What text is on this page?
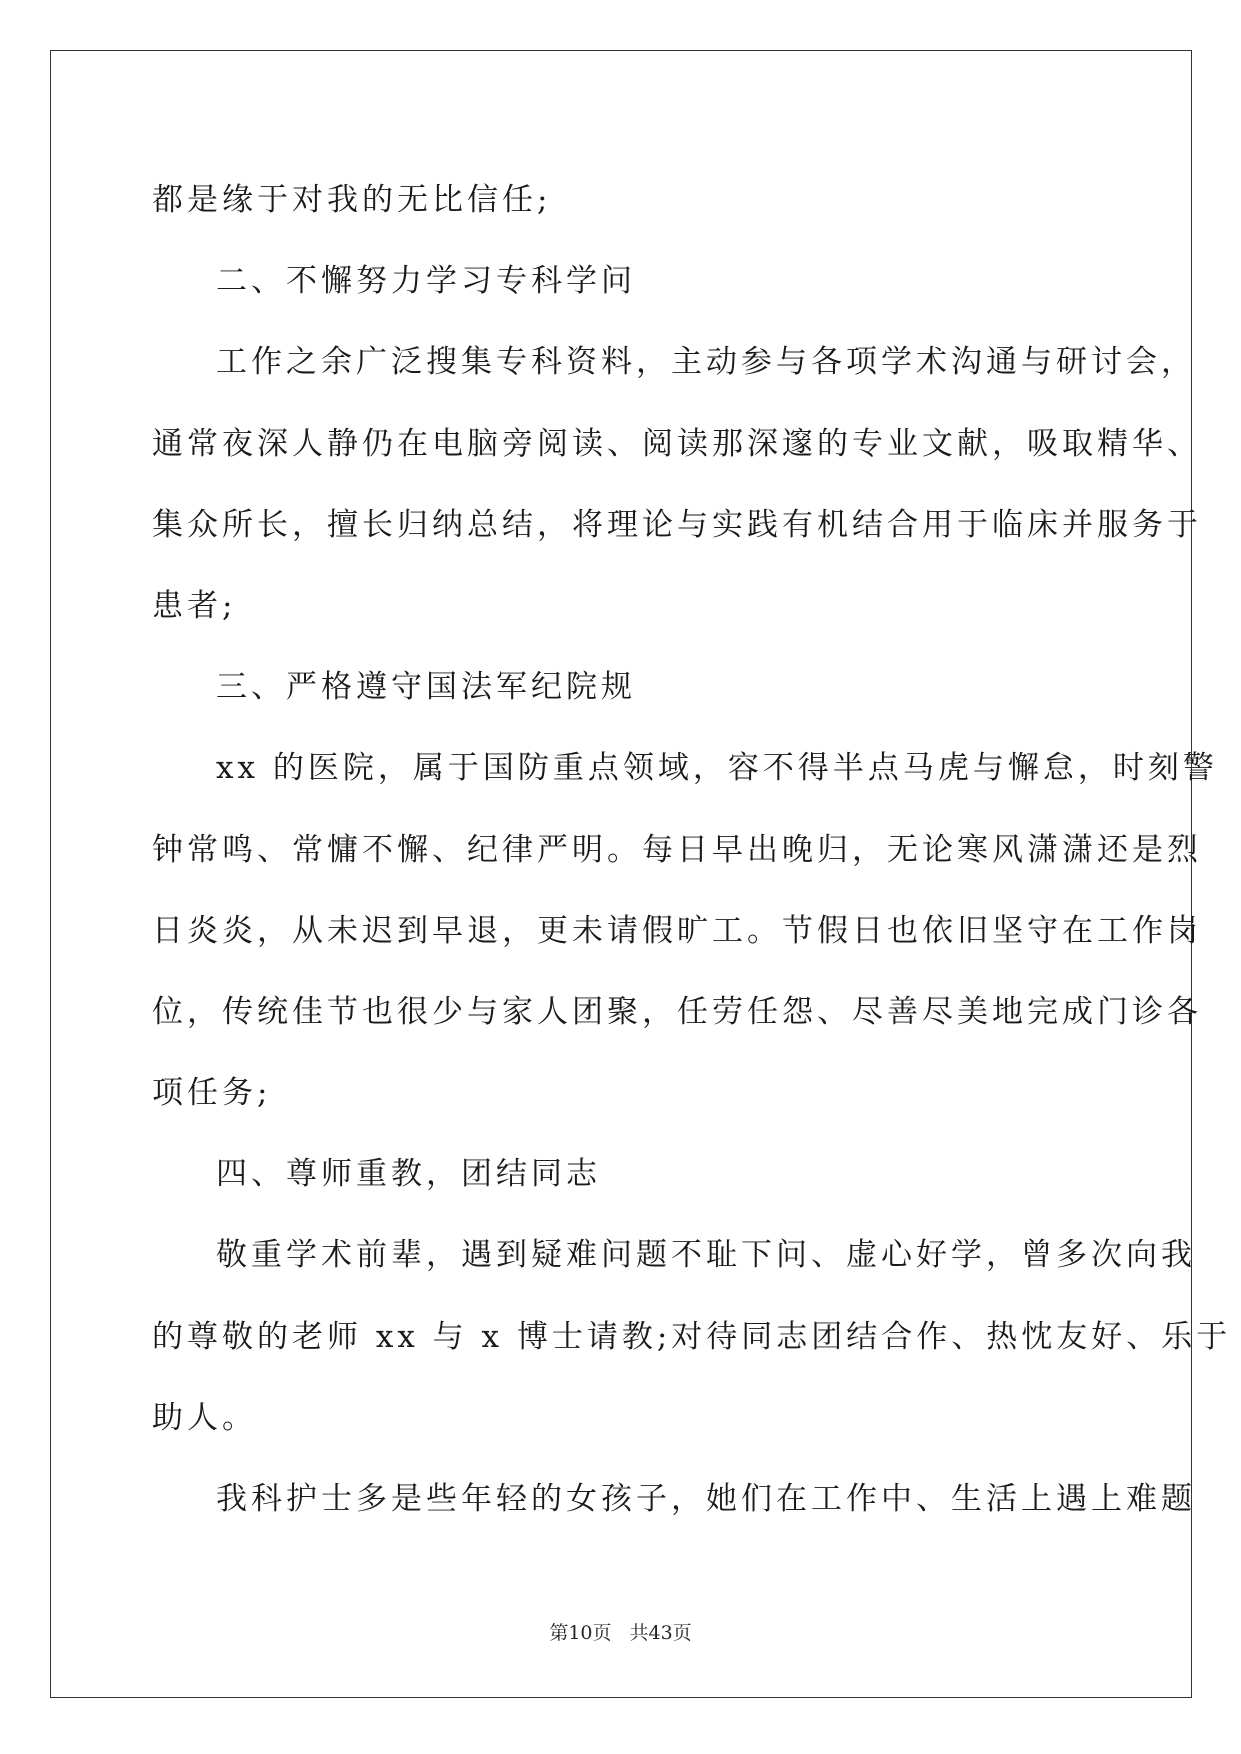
都是缘于对我的无比信任;
二、不懈努力学习专科学问
工作之余广泛搜集专科资料，主动参与各项学术沟通与研讨会，
通常夜深人静仍在电脑旁阅读、阅读那深邃的专业文献，吸取精华、
集众所长，擅长归纳总结，将理论与实践有机结合用于临床并服务于
患者;
三、严格遵守国法军纪院规
xx 的医院，属于国防重点领域，容不得半点马虎与懈怠，时刻警
钟常鸣、常慵不懈、纪律严明。每日早出晚归，无论寒风潇潇还是烈
日炎炎，从未迟到早退，更未请假旷工。节假日也依旧坚守在工作岗
位，传统佳节也很少与家人团聚，任劳任怨、尽善尽美地完成门诊各
项任务;
四、尊师重教，团结同志
敬重学术前辈，遇到疑难问题不耻下问、虚心好学，曾多次向我
的尊敬的老师 xx 与 x 博士请教;对待同志团结合作、热忱友好、乐于
助人。
我科护士多是些年轻的女孩子，她们在工作中、生活上遇上难题
第10页 共43页
